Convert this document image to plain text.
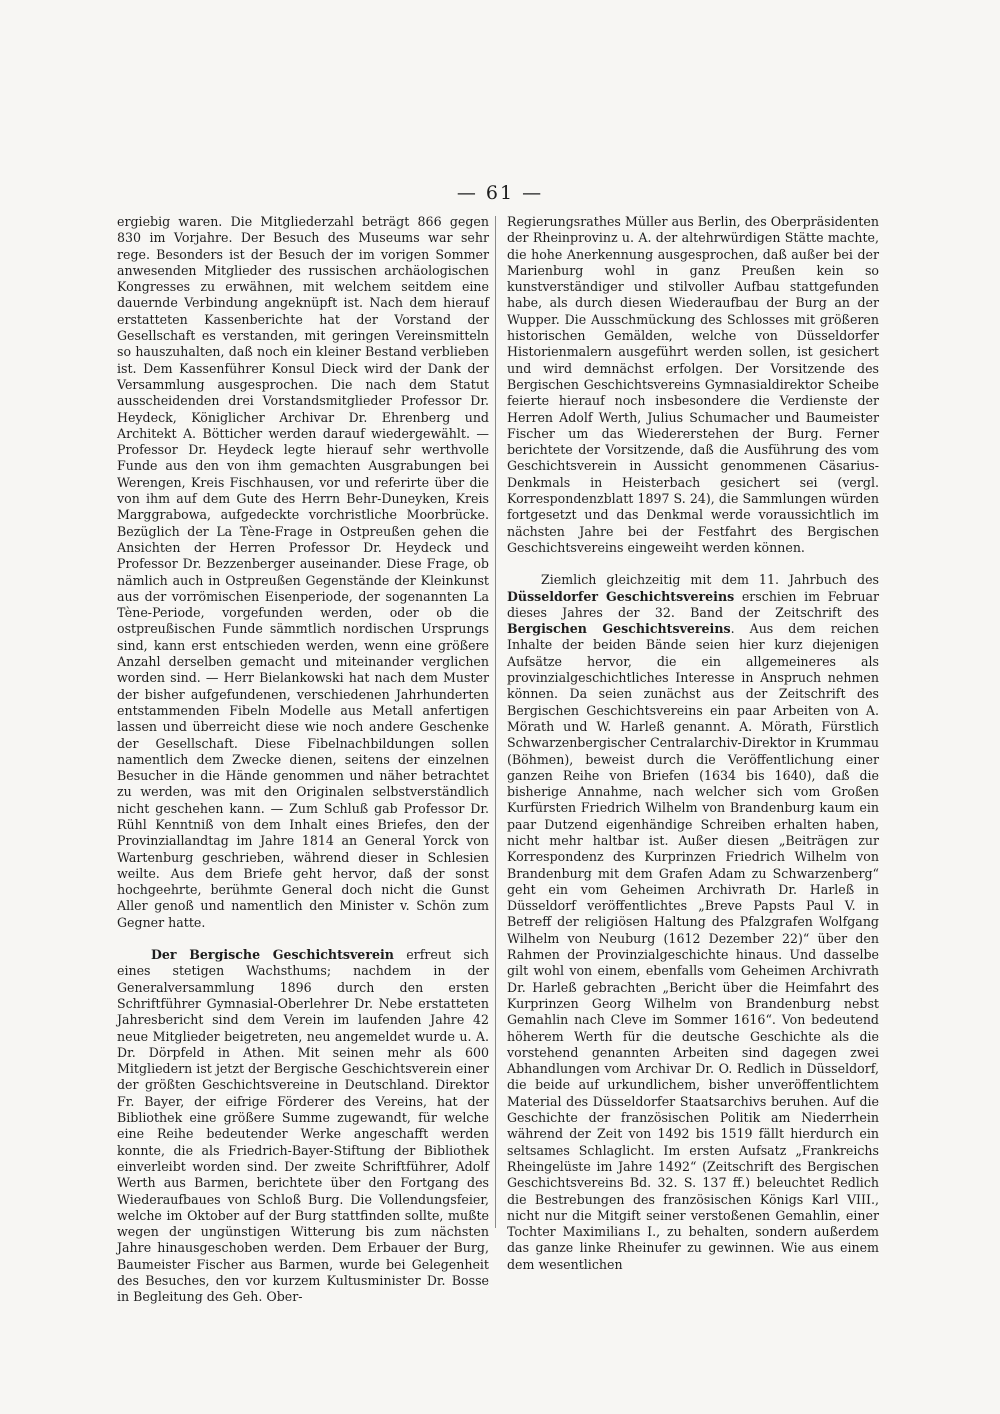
— 61 —

ergiebig waren. Die Mitgliederzahl beträgt 866 gegen 830 im Vorjahre. Der Besuch des Museums war sehr rege. Besonders ist der Besuch der im vorigen Sommer anwesenden Mitglieder des russischen archäologischen Kongresses zu erwähnen, mit welchem seitdem eine dauernde Verbindung angeknüpft ist. Nach dem hierauf erstatteten Kassenberichte hat der Vorstand der Gesellschaft es verstanden, mit geringen Vereinsmitteln so hauszuhalten, daß noch ein kleiner Bestand verblieben ist. Dem Kassenführer Konsul Dieck wird der Dank der Versammlung ausgesprochen. Die nach dem Statut ausscheidenden drei Vorstandsmitglieder Professor Dr. Heydeck, Königlicher Archivar Dr. Ehrenberg und Architekt A. Bötticher werden darauf wiedergewählt. — Professor Dr. Heydeck legte hierauf sehr werthvolle Funde aus den von ihm gemachten Ausgrabungen bei Werengen, Kreis Fischhausen, vor und referirte über die von ihm auf dem Gute des Herrn Behr-Duneyken, Kreis Marggrabowa, aufgedeckte vorchristliche Moorbrücke. Bezüglich der La Tène-Frage in Ostpreußen gehen die Ansichten der Herren Professor Dr. Heydeck und Professor Dr. Bezzenberger auseinander. Diese Frage, ob nämlich auch in Ostpreußen Gegenstände der Kleinkunst aus der vorrömischen Eisenperiode, der sogenannten La Tène-Periode, vorgefunden werden, oder ob die ostpreußischen Funde sämmtlich nordischen Ursprungs sind, kann erst entschieden werden, wenn eine größere Anzahl derselben gemacht und miteinander verglichen worden sind. — Herr Bielankowski hat nach dem Muster der bisher aufgefundenen, verschiedenen Jahrhunderten entstammenden Fibeln Modelle aus Metall anfertigen lassen und überreicht diese wie noch andere Geschenke der Gesellschaft. Diese Fibelnachbildungen sollen namentlich dem Zwecke dienen, seitens der einzelnen Besucher in die Hände genommen und näher betrachtet zu werden, was mit den Originalen selbstverständlich nicht geschehen kann. — Zum Schluß gab Professor Dr. Rühl Kenntniß von dem Inhalt eines Briefes, den der Provinziallandtag im Jahre 1814 an General Yorck von Wartenburg geschrieben, während dieser in Schlesien weilte. Aus dem Briefe geht hervor, daß der sonst hochgeehrte, berühmte General doch nicht die Gunst Aller genoß und namentlich den Minister v. Schön zum Gegner hatte.

Der Bergische Geschichtsverein erfreut sich eines stetigen Wachsthums; nachdem in der Generalversammlung 1896 durch den ersten Schriftführer Gymnasial-Oberlehrer Dr. Nebe erstatteten Jahresbericht sind dem Verein im laufenden Jahre 42 neue Mitglieder beigetreten, neu angemeldet wurde u. A. Dr. Dörpfeld in Athen. Mit seinen mehr als 600 Mitgliedern ist jetzt der Bergische Geschichtsverein einer der größten Geschichtsvereine in Deutschland. Direktor Fr. Bayer, der eifrige Förderer des Vereins, hat der Bibliothek eine größere Summe zugewandt, für welche eine Reihe bedeutender Werke angeschafft werden konnte, die als Friedrich-Bayer-Stiftung der Bibliothek einverleibt worden sind. Der zweite Schriftführer, Adolf Werth aus Barmen, berichtete über den Fortgang des Wiederaufbaues von Schloß Burg. Die Vollendungsfeier, welche im Oktober auf der Burg stattfinden sollte, mußte wegen der ungünstigen Witterung bis zum nächsten Jahre hinausgeschoben werden. Dem Erbauer der Burg, Baumeister Fischer aus Barmen, wurde bei Gelegenheit des Besuches, den vor kurzem Kultusminister Dr. Bosse in Begleitung des Geh. Ober-

Regierungsrathes Müller aus Berlin, des Oberpräsidenten der Rheinprovinz u. A. der altehrwürdigen Stätte machte, die hohe Anerkennung ausgesprochen, daß außer bei der Marienburg wohl in ganz Preußen kein so kunstverständiger und stilvoller Aufbau stattgefunden habe, als durch diesen Wiederaufbau der Burg an der Wupper. Die Ausschmückung des Schlosses mit größeren historischen Gemälden, welche von Düsseldorfer Historienmalern ausgeführt werden sollen, ist gesichert und wird demnächst erfolgen. Der Vorsitzende des Bergischen Geschichtsvereins Gymnasialdirektor Scheibe feierte hierauf noch insbesondere die Verdienste der Herren Adolf Werth, Julius Schumacher und Baumeister Fischer um das Wiedererstehen der Burg. Ferner berichtete der Vorsitzende, daß die Ausführung des vom Geschichtsverein in Aussicht genommenen Cäsarius-Denkmals in Heisterbach gesichert sei (vergl. Korrespondenzblatt 1897 S. 24), die Sammlungen würden fortgesetzt und das Denkmal werde voraussichtlich im nächsten Jahre bei der Festfahrt des Bergischen Geschichtsvereins eingeweiht werden können.

Ziemlich gleichzeitig mit dem 11. Jahrbuch des Düsseldorfer Geschichtsvereins erschien im Februar dieses Jahres der 32. Band der Zeitschrift des Bergischen Geschichtsvereins. Aus dem reichen Inhalte der beiden Bände seien hier kurz diejenigen Aufsätze hervor, die ein allgemeineres als provinzialgeschichtliches Interesse in Anspruch nehmen können. Da seien zunächst aus der Zeitschrift des Bergischen Geschichtsvereins ein paar Arbeiten von A. Mörath und W. Harleß genannt. A. Mörath, Fürstlich Schwarzenbergischer Centralarchiv-Direktor in Krummau (Böhmen), beweist durch die Veröffentlichung einer ganzen Reihe von Briefen (1634 bis 1640), daß die bisherige Annahme, nach welcher sich vom Großen Kurfürsten Friedrich Wilhelm von Brandenburg kaum ein paar Dutzend eigenhändige Schreiben erhalten haben, nicht mehr haltbar ist. Außer diesen „Beiträgen zur Korrespondenz des Kurprinzen Friedrich Wilhelm von Brandenburg mit dem Grafen Adam zu Schwarzenberg“ geht ein vom Geheimen Archivrath Dr. Harleß in Düsseldorf veröffentlichtes „Breve Papsts Paul V. in Betreff der religiösen Haltung des Pfalzgrafen Wolfgang Wilhelm von Neuburg (1612 Dezember 22)“ über den Rahmen der Provinzialgeschichte hinaus. Und dasselbe gilt wohl von einem, ebenfalls vom Geheimen Archivrath Dr. Harleß gebrachten „Bericht über die Heimfahrt des Kurprinzen Georg Wilhelm von Brandenburg nebst Gemahlin nach Cleve im Sommer 1616“. Von bedeutend höherem Werth für die deutsche Geschichte als die vorstehend genannten Arbeiten sind dagegen zwei Abhandlungen vom Archivar Dr. O. Redlich in Düsseldorf, die beide auf urkundlichem, bisher unveröffentlichtem Material des Düsseldorfer Staatsarchivs beruhen. Auf die Geschichte der französischen Politik am Niederrhein während der Zeit von 1492 bis 1519 fällt hierdurch ein seltsames Schlaglicht. Im ersten Aufsatz „Frankreichs Rheingelüste im Jahre 1492“ (Zeitschrift des Bergischen Geschichtsvereins Bd. 32. S. 137 ff.) beleuchtet Redlich die Bestrebungen des französischen Königs Karl VIII., nicht nur die Mitgift seiner verstoßenen Gemahlin, einer Tochter Maximilians I., zu behalten, sondern außerdem das ganze linke Rheinufer zu gewinnen. Wie aus einem dem wesentlichen
